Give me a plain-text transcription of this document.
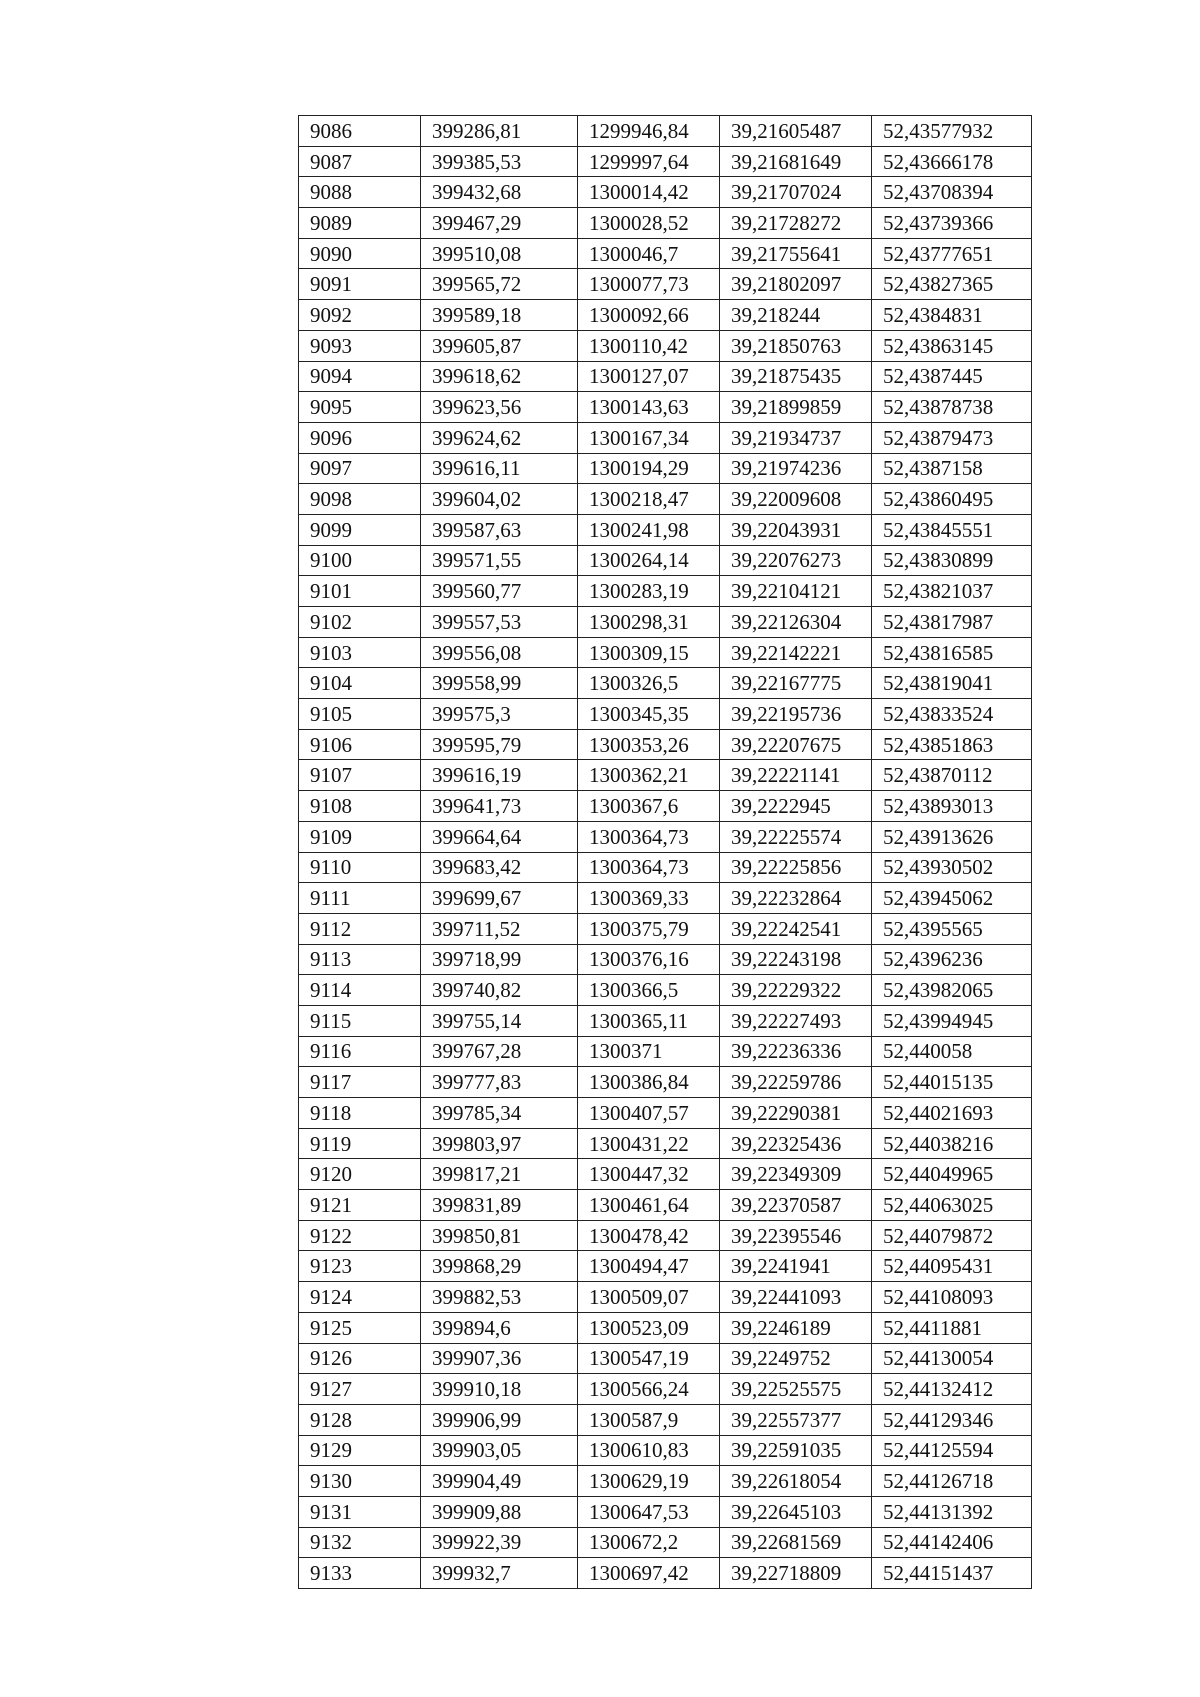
9086	399286,81	1299946,84	39,21605487	52,43577932
9087	399385,53	1299997,64	39,21681649	52,43666178
9088	399432,68	1300014,42	39,21707024	52,43708394
9089	399467,29	1300028,52	39,21728272	52,43739366
9090	399510,08	1300046,7	39,21755641	52,43777651
9091	399565,72	1300077,73	39,21802097	52,43827365
9092	399589,18	1300092,66	39,218244	52,4384831
9093	399605,87	1300110,42	39,21850763	52,43863145
9094	399618,62	1300127,07	39,21875435	52,4387445
9095	399623,56	1300143,63	39,21899859	52,43878738
9096	399624,62	1300167,34	39,21934737	52,43879473
9097	399616,11	1300194,29	39,21974236	52,4387158
9098	399604,02	1300218,47	39,22009608	52,43860495
9099	399587,63	1300241,98	39,22043931	52,43845551
9100	399571,55	1300264,14	39,22076273	52,43830899
9101	399560,77	1300283,19	39,22104121	52,43821037
9102	399557,53	1300298,31	39,22126304	52,43817987
9103	399556,08	1300309,15	39,22142221	52,43816585
9104	399558,99	1300326,5	39,22167775	52,43819041
9105	399575,3	1300345,35	39,22195736	52,43833524
9106	399595,79	1300353,26	39,22207675	52,43851863
9107	399616,19	1300362,21	39,22221141	52,43870112
9108	399641,73	1300367,6	39,2222945	52,43893013
9109	399664,64	1300364,73	39,22225574	52,43913626
9110	399683,42	1300364,73	39,22225856	52,43930502
9111	399699,67	1300369,33	39,22232864	52,43945062
9112	399711,52	1300375,79	39,22242541	52,4395565
9113	399718,99	1300376,16	39,22243198	52,4396236
9114	399740,82	1300366,5	39,22229322	52,43982065
9115	399755,14	1300365,11	39,22227493	52,43994945
9116	399767,28	1300371	39,22236336	52,440058
9117	399777,83	1300386,84	39,22259786	52,44015135
9118	399785,34	1300407,57	39,22290381	52,44021693
9119	399803,97	1300431,22	39,22325436	52,44038216
9120	399817,21	1300447,32	39,22349309	52,44049965
9121	399831,89	1300461,64	39,22370587	52,44063025
9122	399850,81	1300478,42	39,22395546	52,44079872
9123	399868,29	1300494,47	39,2241941	52,44095431
9124	399882,53	1300509,07	39,22441093	52,44108093
9125	399894,6	1300523,09	39,2246189	52,4411881
9126	399907,36	1300547,19	39,2249752	52,44130054
9127	399910,18	1300566,24	39,22525575	52,44132412
9128	399906,99	1300587,9	39,22557377	52,44129346
9129	399903,05	1300610,83	39,22591035	52,44125594
9130	399904,49	1300629,19	39,22618054	52,44126718
9131	399909,88	1300647,53	39,22645103	52,44131392
9132	399922,39	1300672,2	39,22681569	52,44142406
9133	399932,7	1300697,42	39,22718809	52,44151437
